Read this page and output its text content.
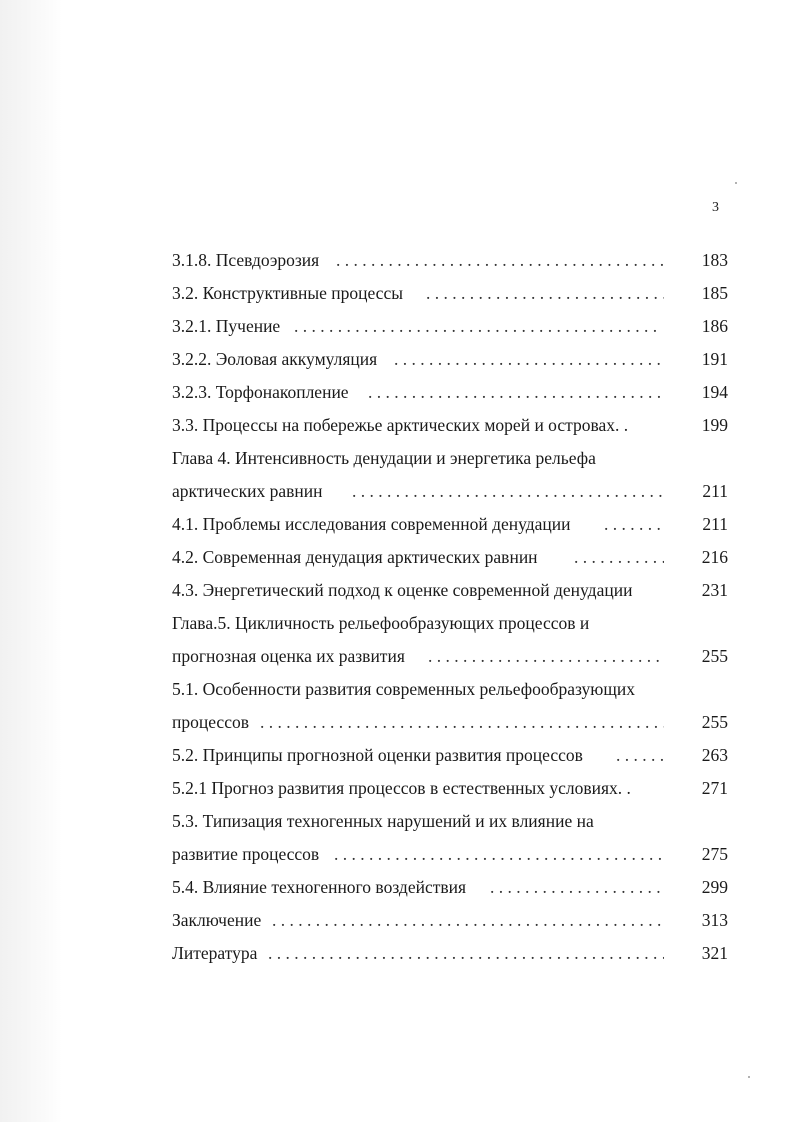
3
3.1.8. Псевдоэрозия . . .	183
3.2. Конструктивные процессы . . .	185
3.2.1. Пучение . . .	186
3.2.2. Эоловая аккумуляция . . .	191
3.2.3. Торфонакопление . . .	194
3.3. Процессы на побережье арктических морей и островах. .	199
Глава 4. Интенсивность денудации и энергетика рельефа
арктических равнин . . .	211
4.1. Проблемы исследования современной денудации . . .	211
4.2. Современная денудация арктических равнин . . .	216
4.3. Энергетический подход к оценке современной денудации	231
Глава.5. Цикличность рельефообразующих процессов и
прогнозная оценка их развития . . .	255
5.1. Особенности развития современных рельефообразующих
процессов . . .	255
5.2. Принципы прогнозной оценки развития процессов . . .	263
5.2.1 Прогноз развития процессов в естественных условиях. .	271
5.3. Типизация техногенных нарушений и их влияние на
развитие процессов . . .	275
5.4. Влияние техногенного воздействия . . .	299
Заключение . . .	313
Литература . . .	321
